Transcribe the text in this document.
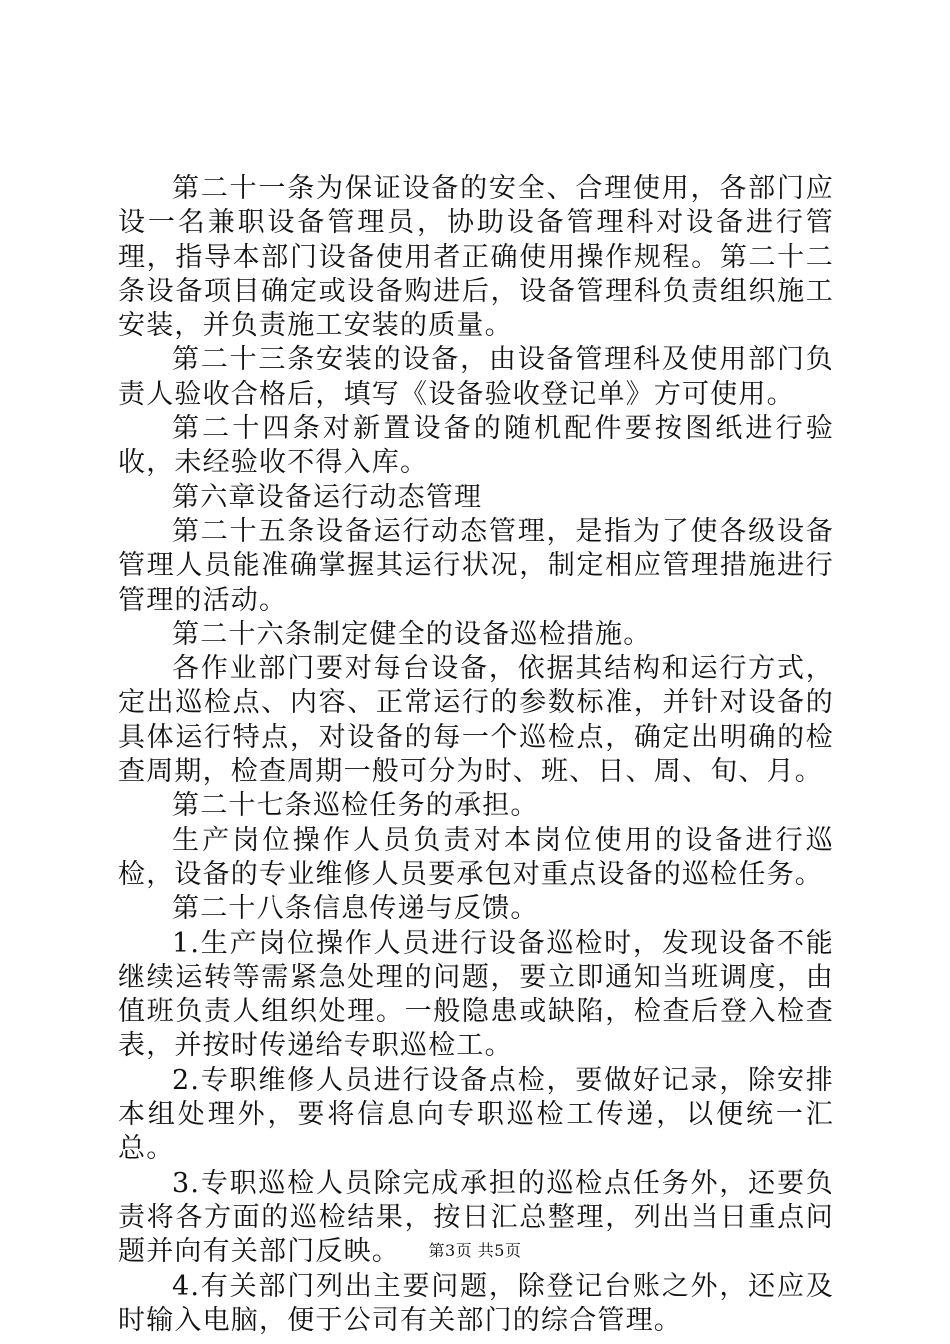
第二十一条为保证设备的安全、合理使用，各部门应设一名兼职设备管理员，协助设备管理科对设备进行管理，指导本部门设备使用者正确使用操作规程。第二十二条设备项目确定或设备购进后，设备管理科负责组织施工安装，并负责施工安装的质量。

第二十三条安装的设备，由设备管理科及使用部门负责人验收合格后，填写《设备验收登记单》方可使用。

第二十四条对新置设备的随机配件要按图纸进行验收，未经验收不得入库。

第六章设备运行动态管理

第二十五条设备运行动态管理，是指为了使各级设备管理人员能准确掌握其运行状况，制定相应管理措施进行管理的活动。

第二十六条制定健全的设备巡检措施。

各作业部门要对每台设备，依据其结构和运行方式，定出巡检点、内容、正常运行的参数标准，并针对设备的具体运行特点，对设备的每一个巡检点，确定出明确的检查周期，检查周期一般可分为时、班、日、周、旬、月。

第二十七条巡检任务的承担。

生产岗位操作人员负责对本岗位使用的设备进行巡检，设备的专业维修人员要承包对重点设备的巡检任务。

第二十八条信息传递与反馈。

1.生产岗位操作人员进行设备巡检时，发现设备不能继续运转等需紧急处理的问题，要立即通知当班调度，由值班负责人组织处理。一般隐患或缺陷，检查后登入检查表，并按时传递给专职巡检工。

2.专职维修人员进行设备点检，要做好记录，除安排本组处理外，要将信息向专职巡检工传递，以便统一汇总。

3.专职巡检人员除完成承担的巡检点任务外，还要负责将各方面的巡检结果，按日汇总整理，列出当日重点问题并向有关部门反映。

4.有关部门列出主要问题，除登记台账之外，还应及时输入电脑，便于公司有关部门的综合管理。

第3页 共5页
